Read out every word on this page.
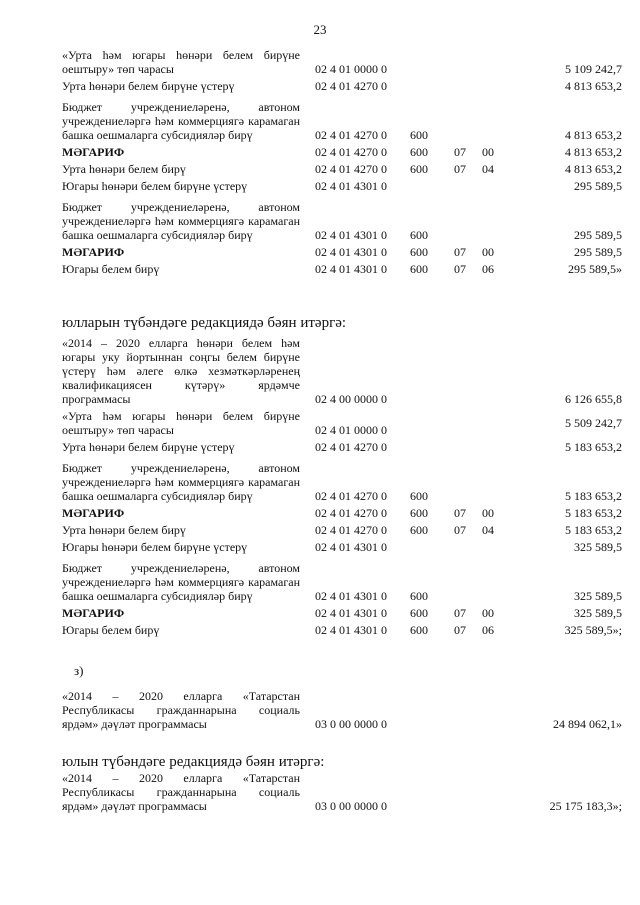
23
«Урта һәм югары һөнәри белем бирүне оештыру» төп чарасы	02 4 01 0000 0	5 109 242,7
Урта һөнәри белем бирүне үстерү	02 4 01 4270 0	4 813 653,2
Бюджет учреждениеләренә, автоном учреждениеләргә һәм коммерциягә карамаган башка оешмаларга субсидияләр бирү	02 4 01 4270 0 600	4 813 653,2
МӘГАРИФ	02 4 01 4270 0 600 07 00	4 813 653,2
Урта һөнәри белем бирү	02 4 01 4270 0 600 07 04	4 813 653,2
Югары һөнәри белем бирүне үстерү	02 4 01 4301 0	295 589,5
Бюджет учреждениеләренә, автоном учреждениеләргә һәм коммерциягә карамаган башка оешмаларга субсидияләр бирү	02 4 01 4301 0 600	295 589,5
МӘГАРИФ	02 4 01 4301 0 600 07 00	295 589,5
Югары белем бирү	02 4 01 4301 0 600 07 06	295 589,5»
юлларын түбәндәге редакциядә бәян итәргә:
«2014 – 2020 елларга һөнәри белем һәм югары уку йортыннан соңгы белем бирүне үстерү һәм әлеге өлкә хезмәткәрләренең квалификациясен күтәрү» ярдәмче программасы	02 4 00 0000 0	6 126 655,8
«Урта һәм югары һөнәри белем бирүне оештыру» төп чарасы	02 4 01 0000 0	5 509 242,7
Урта һөнәри белем бирүне үстерү	02 4 01 4270 0	5 183 653,2
Бюджет учреждениеләренә, автоном учреждениеләргә һәм коммерциягә карамаган башка оешмаларга субсидияләр бирү	02 4 01 4270 0 600	5 183 653,2
МӘГАРИФ	02 4 01 4270 0 600 07 00	5 183 653,2
Урта һөнәри белем бирү	02 4 01 4270 0 600 07 04	5 183 653,2
Югары һөнәри белем бирүне үстерү	02 4 01 4301 0	325 589,5
Бюджет учреждениеләренә, автоном учреждениеләргә һәм коммерциягә карамаган башка оешмаларга субсидияләр бирү	02 4 01 4301 0 600	325 589,5
МӘГАРИФ	02 4 01 4301 0 600 07 00	325 589,5
Югары белем бирү	02 4 01 4301 0 600 07 06	325 589,5»;
з)
«2014 – 2020 елларга «Татарстан Республикасы гражданнарына социаль ярдәм» дәүләт программасы	03 0 00 0000 0	24 894 062,1»
юлын түбәндәге редакциядә бәян итәргә:
«2014 – 2020 елларга «Татарстан Республикасы гражданнарына социаль ярдәм» дәүләт программасы	03 0 00 0000 0	25 175 183,3»;
